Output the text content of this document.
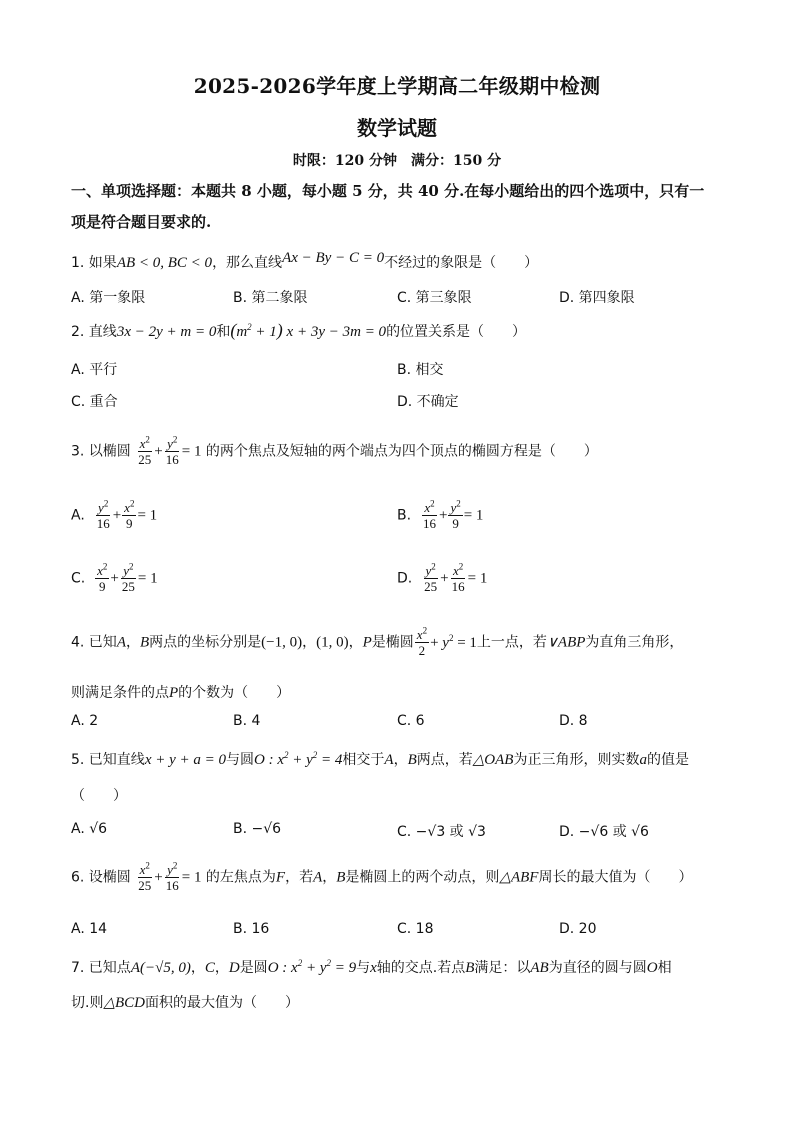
2025-2026学年度上学期高二年级期中检测
数学试题
时限：120 分钟　满分：150 分
一、单项选择题：本题共 8 小题，每小题 5 分，共 40 分.在每小题给出的四个选项中，只有一
项是符合题目要求的.
1. 如果AB < 0, BC < 0，那么直线Ax − By − C = 0不经过的象限是（　　）
A. 第一象限	B. 第二象限	C. 第三象限	D. 第四象限
2. 直线3x − 2y + m = 0和$(m^2 + 1) x + 3y - 3m = 0$的位置关系是（　　）
A. 平行	B. 相交
C. 重合	D. 不确定
3. 以椭圆 $\frac{x^2}{25} + \frac{y^2}{16} = 1$ 的两个焦点及短轴的两个端点为四个顶点的椭圆方程是（　　）
A. $\frac{y^2}{16} + \frac{x^2}{9} = 1$	B. $\frac{x^2}{16} + \frac{y^2}{9} = 1$
C. $\frac{x^2}{9} + \frac{y^2}{25} = 1$	D. $\frac{y^2}{25} + \frac{x^2}{16} = 1$
4. 已知A，B两点的坐标分别是(−1, 0)，(1, 0)，P是椭圆 $\frac{x^2}{2} + y^2 = 1$上一点，若∨ABP为直角三角形，
则满足条件的点P的个数为（　　）
A. 2	B. 4	C. 6	D. 8
5. 已知直线x + y + a = 0与圆O : $x^2 + y^2 = 4$相交于A，B两点，若△OAB为正三角形，则实数a的值是
（　　）
A. √6	B. −√6	C. −√3 或 √3	D. −√6 或 √6
6. 设椭圆 $\frac{x^2}{25} + \frac{y^2}{16} = 1$ 的左焦点为F，若A，B是椭圆上的两个动点，则△ABF周长的最大值为（　　）
A. 14	B. 16	C. 18	D. 20
7. 已知点A(−√5, 0)，C，D是圆O : $x^2 + y^2 = 9$与x轴的交点.若点B满足：以AB为直径的圆与圆O相
切.则△BCD面积的最大值为（　　）
